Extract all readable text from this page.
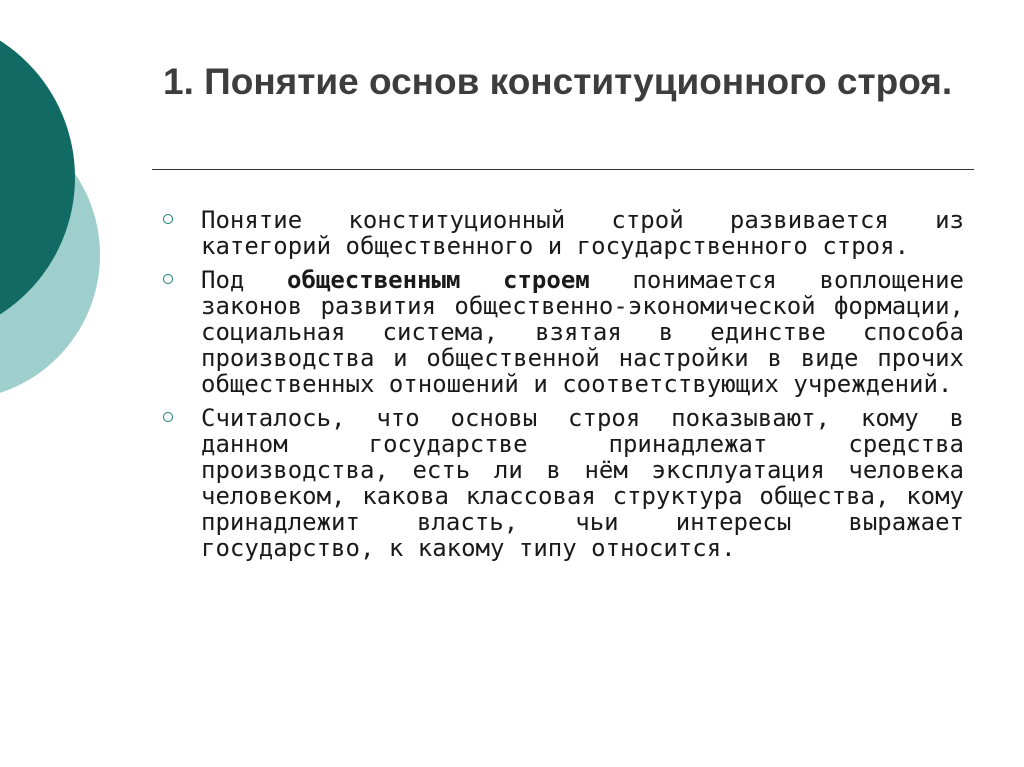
1. Понятие основ конституционного строя.
Понятие конституционный строй развивается из категорий общественного и государственного строя.
Под общественным строем понимается воплощение законов развития общественно-экономической формации, социальная система, взятая в единстве способа производства и общественной настройки в виде прочих общественных отношений и соответствующих учреждений.
Считалось, что основы строя показывают, кому в данном государстве принадлежат средства производства, есть ли в нём эксплуатация человека человеком, какова классовая структура общества, кому принадлежит власть, чьи интересы выражает государство, к какому типу относится.
